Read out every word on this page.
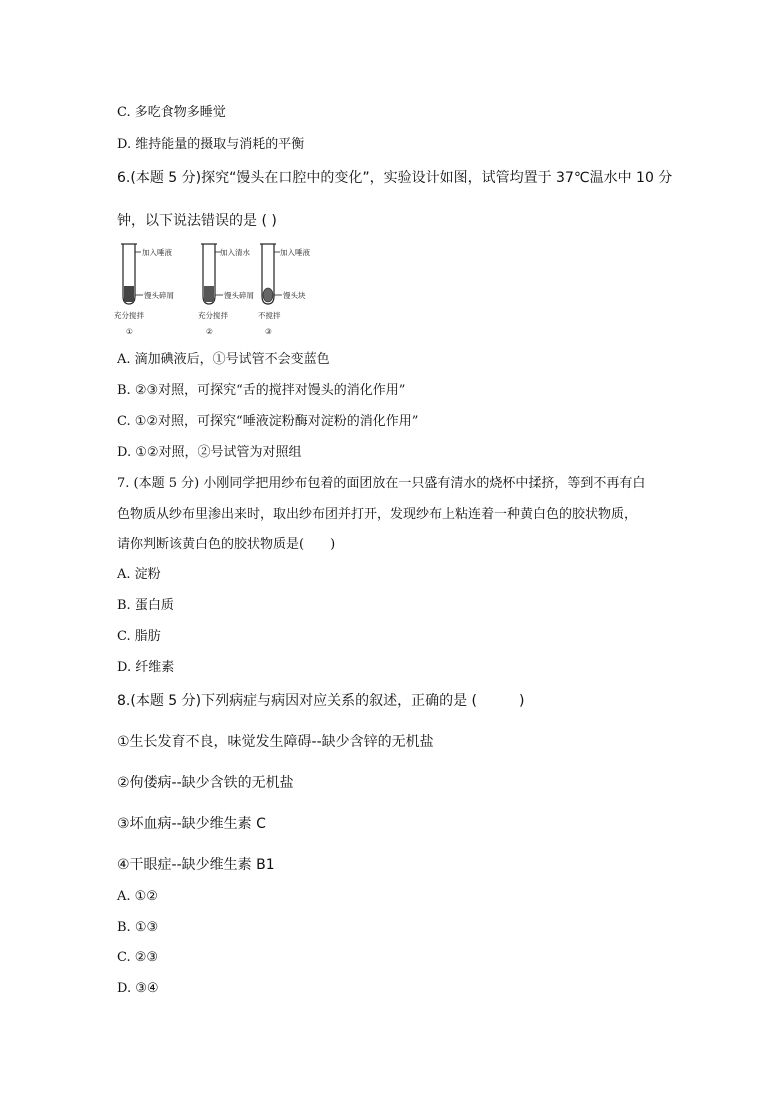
C. 多吃食物多睡觉
D. 维持能量的摄取与消耗的平衡
6.(本题 5 分)探究“馒头在口腔中的变化”，实验设计如图，试管均置于 37℃温水中 10 分
钟，以下说法错误的是 ( )
加入唾液
馒头碎屑
充分搅拌
①
加入清水
馒头碎屑
充分搅拌
②
加入唾液
馒头块
不搅拌
③
A. 滴加碘液后，①号试管不会变蓝色
B. ②③对照，可探究“舌的搅拌对馒头的消化作用”
C. ①②对照，可探究“唾液淀粉酶对淀粉的消化作用”
D. ①②对照，②号试管为对照组
7. (本题 5 分) 小刚同学把用纱布包着的面团放在一只盛有清水的烧杯中揉挤，等到不再有白
色物质从纱布里渗出来时，取出纱布团并打开，发现纱布上粘连着一种黄白色的胶状物质，
请你判断该黄白色的胶状物质是(　　)
A. 淀粉
B. 蛋白质
C. 脂肪
D. 纤维素
8.(本题 5 分)下列病症与病因对应关系的叙述，正确的是 (　　　)
①生长发育不良，味觉发生障碍--缺少含锌的无机盐
②佝偻病--缺少含铁的无机盐
③坏血病--缺少维生素 C
④干眼症--缺少维生素 B1
A. ①②
B. ①③
C. ②③
D. ③④
